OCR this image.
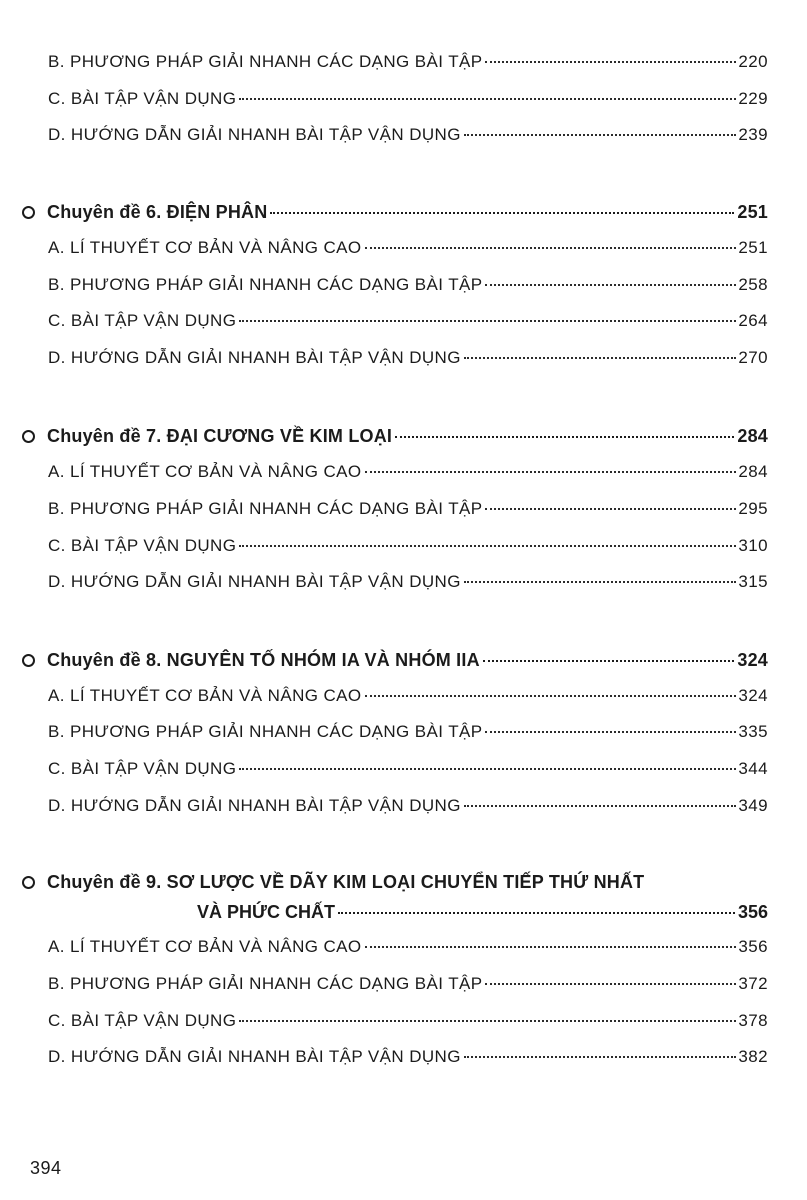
B. PHƯƠNG PHÁP GIẢI NHANH CÁC DẠNG BÀI TẬP	220
C. BÀI TẬP VẬN DỤNG	229
D. HƯỚNG DẪN GIẢI NHANH BÀI TẬP VẬN DỤNG	239
Chuyên đề 6. ĐIỆN PHÂN	251
A. LÍ THUYẾT CƠ BẢN VÀ NÂNG CAO	251
B. PHƯƠNG PHÁP GIẢI NHANH CÁC DẠNG BÀI TẬP	258
C. BÀI TẬP VẬN DỤNG	264
D. HƯỚNG DẪN GIẢI NHANH BÀI TẬP VẬN DỤNG	270
Chuyên đề 7. ĐẠI CƯƠNG VỀ KIM LOẠI	284
A. LÍ THUYẾT CƠ BẢN VÀ NÂNG CAO	284
B. PHƯƠNG PHÁP GIẢI NHANH CÁC DẠNG BÀI TẬP	295
C. BÀI TẬP VẬN DỤNG	310
D. HƯỚNG DẪN GIẢI NHANH BÀI TẬP VẬN DỤNG	315
Chuyên đề 8. NGUYÊN TỐ NHÓM IA VÀ NHÓM IIA	324
A. LÍ THUYẾT CƠ BẢN VÀ NÂNG CAO	324
B. PHƯƠNG PHÁP GIẢI NHANH CÁC DẠNG BÀI TẬP	335
C. BÀI TẬP VẬN DỤNG	344
D. HƯỚNG DẪN GIẢI NHANH BÀI TẬP VẬN DỤNG	349
Chuyên đề 9. SƠ LƯỢC VỀ DÃY KIM LOẠI CHUYỂN TIẾP THỨ NHẤT
VÀ PHỨC CHẤT	356
A. LÍ THUYẾT CƠ BẢN VÀ NÂNG CAO	356
B. PHƯƠNG PHÁP GIẢI NHANH CÁC DẠNG BÀI TẬP	372
C. BÀI TẬP VẬN DỤNG	378
D. HƯỚNG DẪN GIẢI NHANH BÀI TẬP VẬN DỤNG	382
394
